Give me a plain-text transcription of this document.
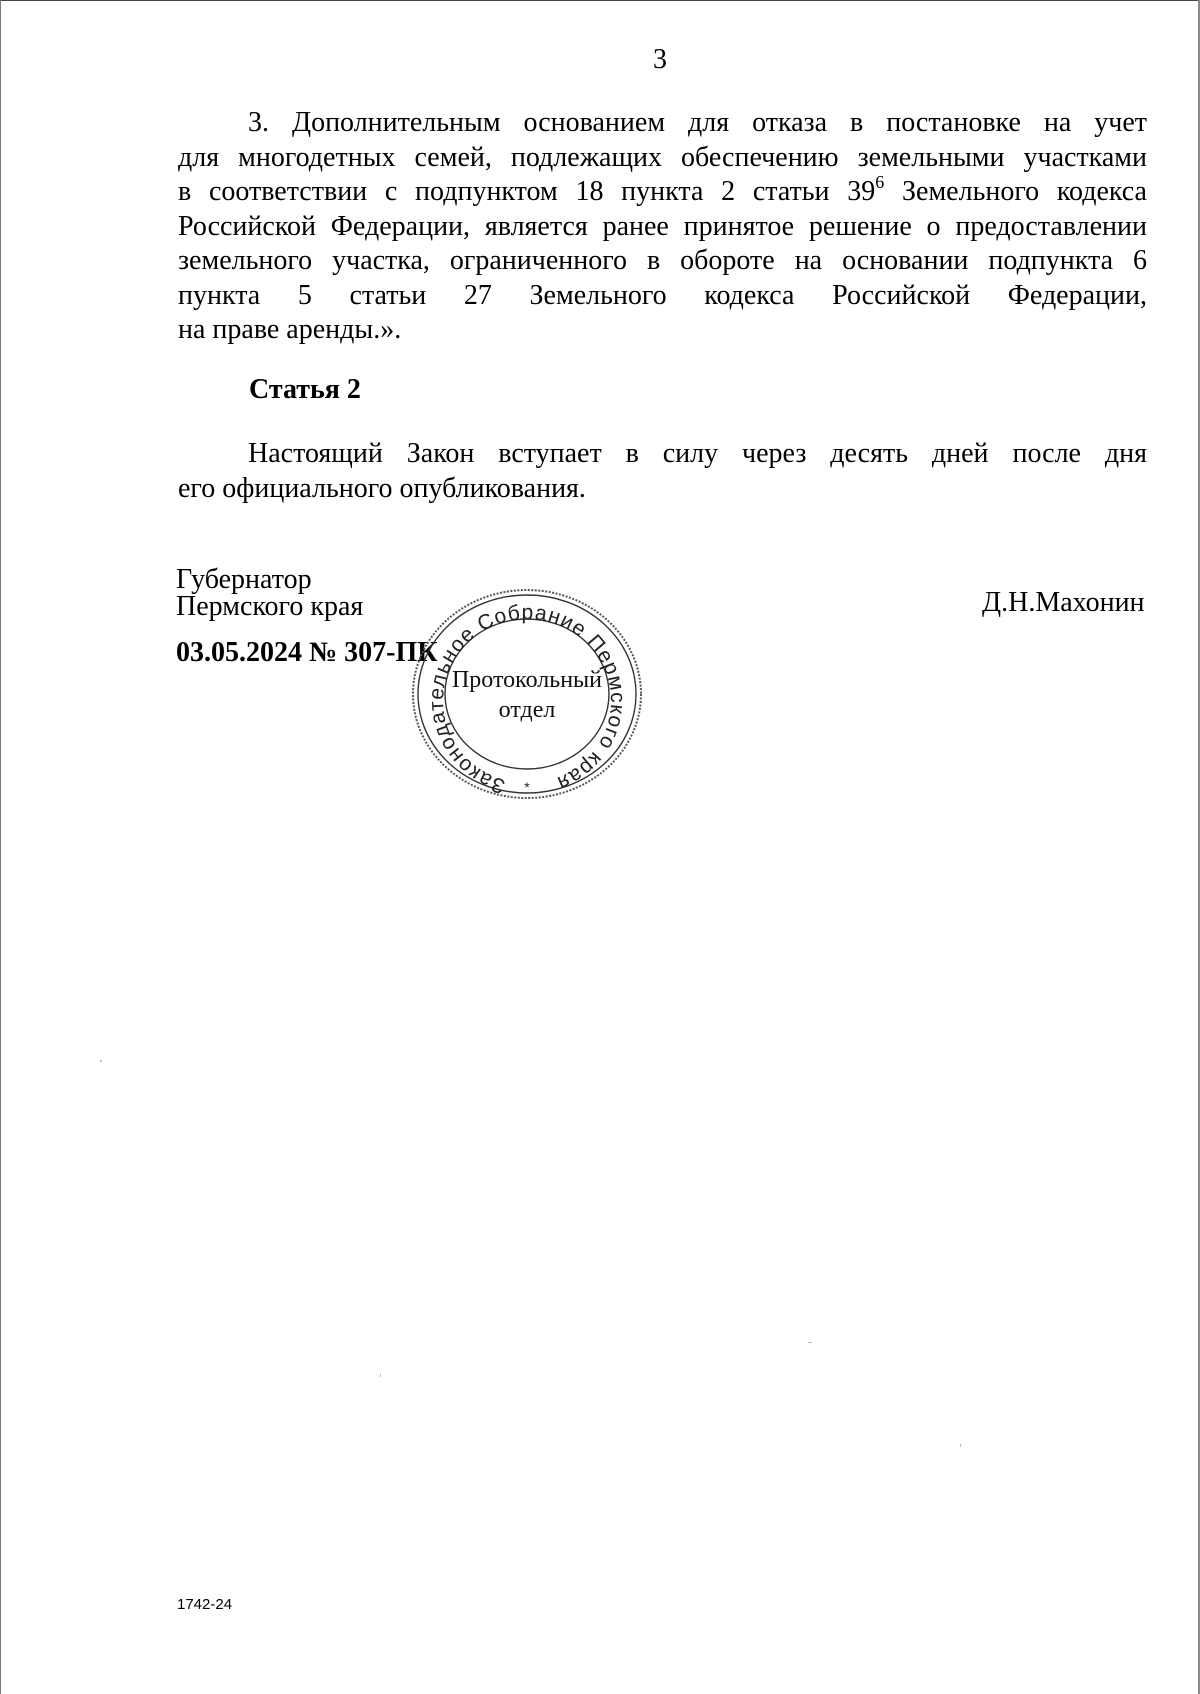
3
3. Дополнительным основанием для отказа в постановке на учет
для многодетных семей, подлежащих обеспечению земельными участками
в соответствии с подпунктом 18 пункта 2 статьи $39^6$ Земельного кодекса
Российской Федерации, является ранее принятое решение о предоставлении
земельного участка, ограниченного в обороте на основании подпункта 6
пункта 5 статьи 27 Земельного кодекса Российской Федерации,
на праве аренды.».
Статья 2
Настоящий Закон вступает в силу через десять дней после дня
его официального опубликования.
Губернатор
Пермского края	Д.Н.Махонин
03.05.2024 № 307-ПК
Законодательное Собрание Пермского края
Протокольный
отдел
*
1742-24
